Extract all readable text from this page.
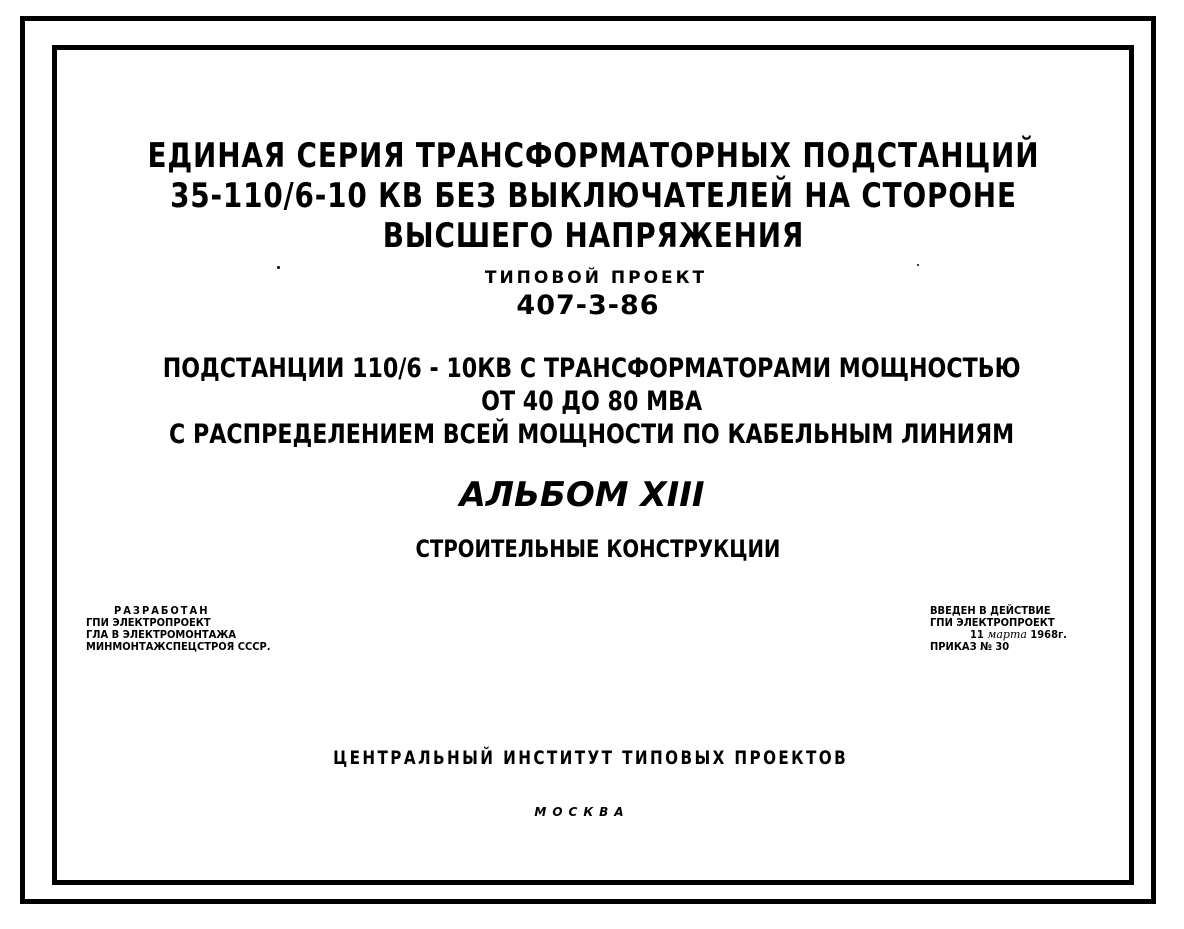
ЕДИНАЯ СЕРИЯ ТРАНСФОРМАТОРНЫХ ПОДСТАНЦИЙ
35-110/6-10 КВ БЕЗ ВЫКЛЮЧАТЕЛЕЙ НА СТОРОНЕ
ВЫСШЕГО НАПРЯЖЕНИЯ
ТИПОВОЙ ПРОЕКТ
407-3-86
ПОДСТАНЦИИ 110/6 - 10КВ С ТРАНСФОРМАТОРАМИ МОЩНОСТЬЮ
ОТ 40 ДО 80 МВА
С РАСПРЕДЕЛЕНИЕМ ВСЕЙ МОЩНОСТИ ПО КАБЕЛЬНЫМ ЛИНИЯМ
АЛЬБОМ XIII
СТРОИТЕЛЬНЫЕ КОНСТРУКЦИИ
РАЗРАБОТАН
ГПИ ЭЛЕКТРОПРОЕКТ
ГЛА В ЭЛЕКТРОМОНТАЖА
МИНМОНТАЖСПЕЦСТРОЯ СССР.
ВВЕДЕН В ДЕЙСТВИЕ
ГПИ ЭЛЕКТРОПРОЕКТ
11 марта 1968г.
ПРИКАЗ № 30
ЦЕНТРАЛЬНЫЙ ИНСТИТУТ ТИПОВЫХ ПРОЕКТОВ
МОСКВА
